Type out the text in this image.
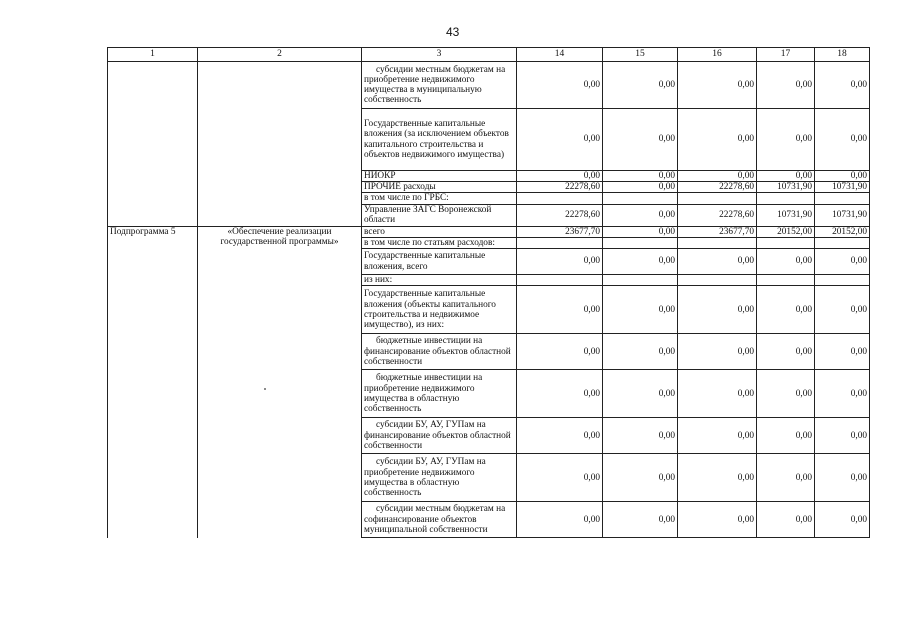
43
1	2	3	14	15	16	17	18
		субсидии местным бюджетам на приобретение недвижимого имущества в муниципальную собственность	0,00	0,00	0,00	0,00	0,00
		Государственные капитальные вложения (за исключением объектов капитального строительства и объектов недвижимого имущества)	0,00	0,00	0,00	0,00	0,00
		НИОКР	0,00	0,00	0,00	0,00	0,00
		ПРОЧИЕ расходы	22278,60	0,00	22278,60	10731,90	10731,90
		в том числе по ГРБС:					
		Управление ЗАГС Воронежской области	22278,60	0,00	22278,60	10731,90	10731,90
Подпрограмма 5	«Обеспечение реализации государственной программы»	всего	23677,70	0,00	23677,70	20152,00	20152,00
		в том числе по статьям расходов:					
		Государственные капитальные вложения, всего	0,00	0,00	0,00	0,00	0,00
		из них:					
		Государственные капитальные вложения (объекты капитального строительства и недвижимое имущество), из них:	0,00	0,00	0,00	0,00	0,00
		бюджетные инвестиции на финансирование объектов областной собственности	0,00	0,00	0,00	0,00	0,00
		бюджетные инвестиции на приобретение недвижимого имущества в областную собственность	0,00	0,00	0,00	0,00	0,00
		субсидии БУ, АУ, ГУПам на финансирование объектов областной собственности	0,00	0,00	0,00	0,00	0,00
		субсидии БУ, АУ, ГУПам на приобретение недвижимого имущества в областную собственность	0,00	0,00	0,00	0,00	0,00
		субсидии местным бюджетам на софинансирование объектов муниципальной собственности	0,00	0,00	0,00	0,00	0,00
